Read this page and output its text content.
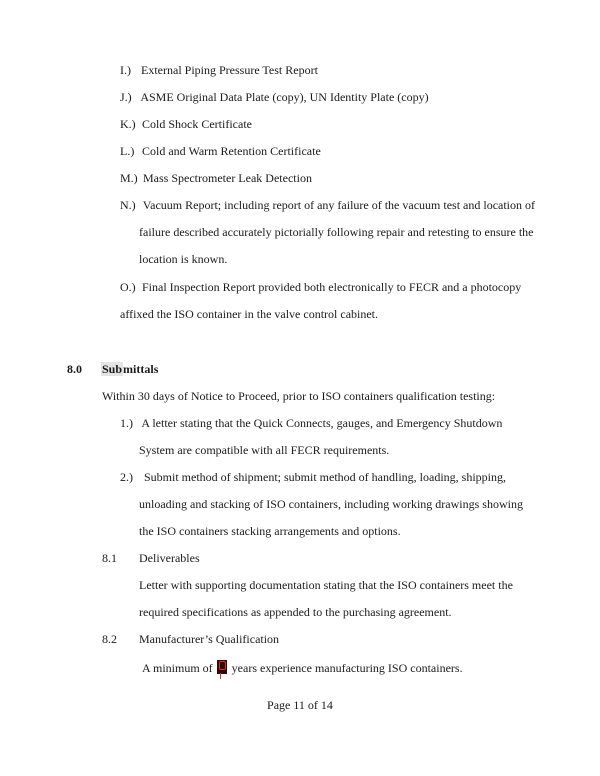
I.) External Piping Pressure Test Report
J.) ASME Original Data Plate (copy), UN Identity Plate (copy)
K.) Cold Shock Certificate
L.) Cold and Warm Retention Certificate
M.) Mass Spectrometer Leak Detection
N.) Vacuum Report; including report of any failure of the vacuum test and location of
failure described accurately pictorially following repair and retesting to ensure the
location is known.
O.) Final Inspection Report provided both electronically to FECR and a photocopy
affixed the ISO container in the valve control cabinet.
8.0 Submittals
Within 30 days of Notice to Proceed, prior to ISO containers qualification testing:
1.) A letter stating that the Quick Connects, gauges, and Emergency Shutdown
System are compatible with all FECR requirements.
2.) Submit method of shipment; submit method of handling, loading, shipping,
unloading and stacking of ISO containers, including working drawings showing
the ISO containers stacking arrangements and options.
8.1 Deliverables
Letter with supporting documentation stating that the ISO containers meet the
required specifications as appended to the purchasing agreement.
8.2 Manufacturer’s Qualification
A minimum of years experience manufacturing ISO containers.
Page 11 of 14
